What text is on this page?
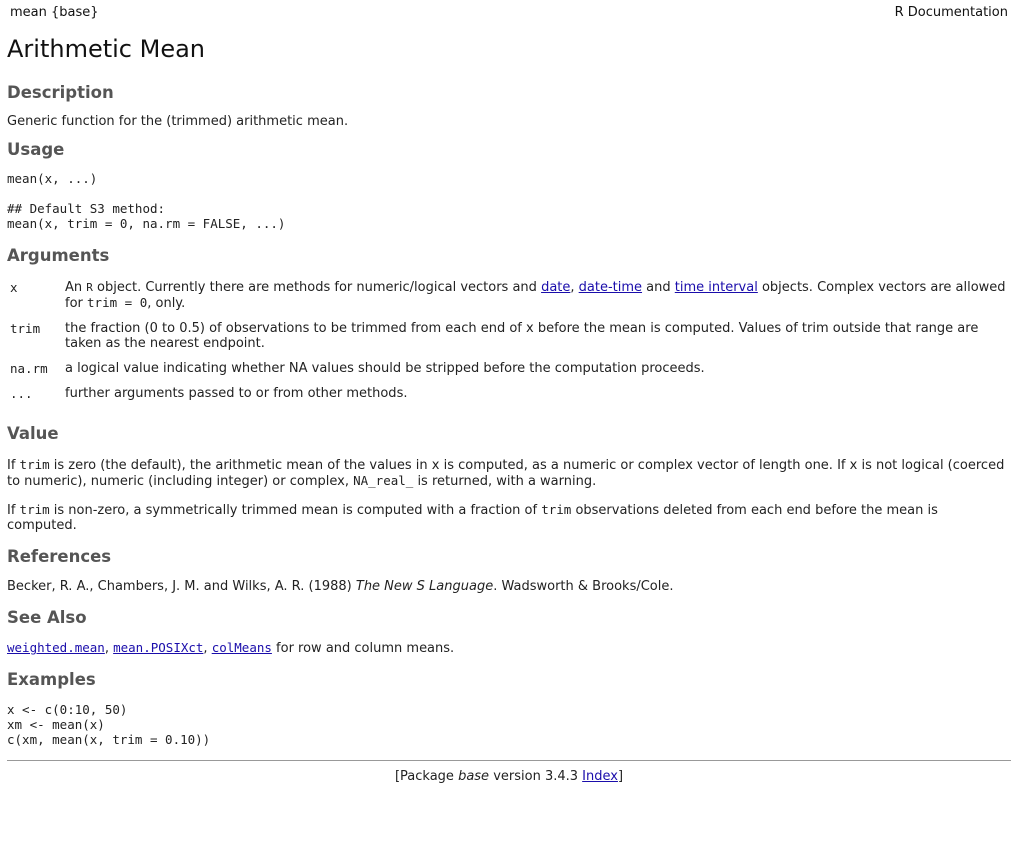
mean {base}	R Documentation
Arithmetic Mean
Description

Generic function for the (trimmed) arithmetic mean.

Usage
mean(x, ...)

## Default S3 method:
mean(x, trim = 0, na.rm = FALSE, ...)
Arguments
x	An R object. Currently there are methods for numeric/logical vectors and date, date-time and time interval objects. Complex vectors are allowed for trim = 0, only.
trim	the fraction (0 to 0.5) of observations to be trimmed from each end of x before the mean is computed. Values of trim outside that range are taken as the nearest endpoint.
na.rm	a logical value indicating whether NA values should be stripped before the computation proceeds.
...	further arguments passed to or from other methods.
Value

If trim is zero (the default), the arithmetic mean of the values in x is computed, as a numeric or complex vector of length one. If x is not logical (coerced to numeric), numeric (including integer) or complex, NA_real_ is returned, with a warning.

If trim is non-zero, a symmetrically trimmed mean is computed with a fraction of trim observations deleted from each end before the mean is computed.

References

Becker, R. A., Chambers, J. M. and Wilks, A. R. (1988) The New S Language. Wadsworth & Brooks/Cole.

See Also

weighted.mean, mean.POSIXct, colMeans for row and column means.

Examples
x <- c(0:10, 50)
xm <- mean(x)
c(xm, mean(x, trim = 0.10))
[Package base version 3.4.3 Index]
